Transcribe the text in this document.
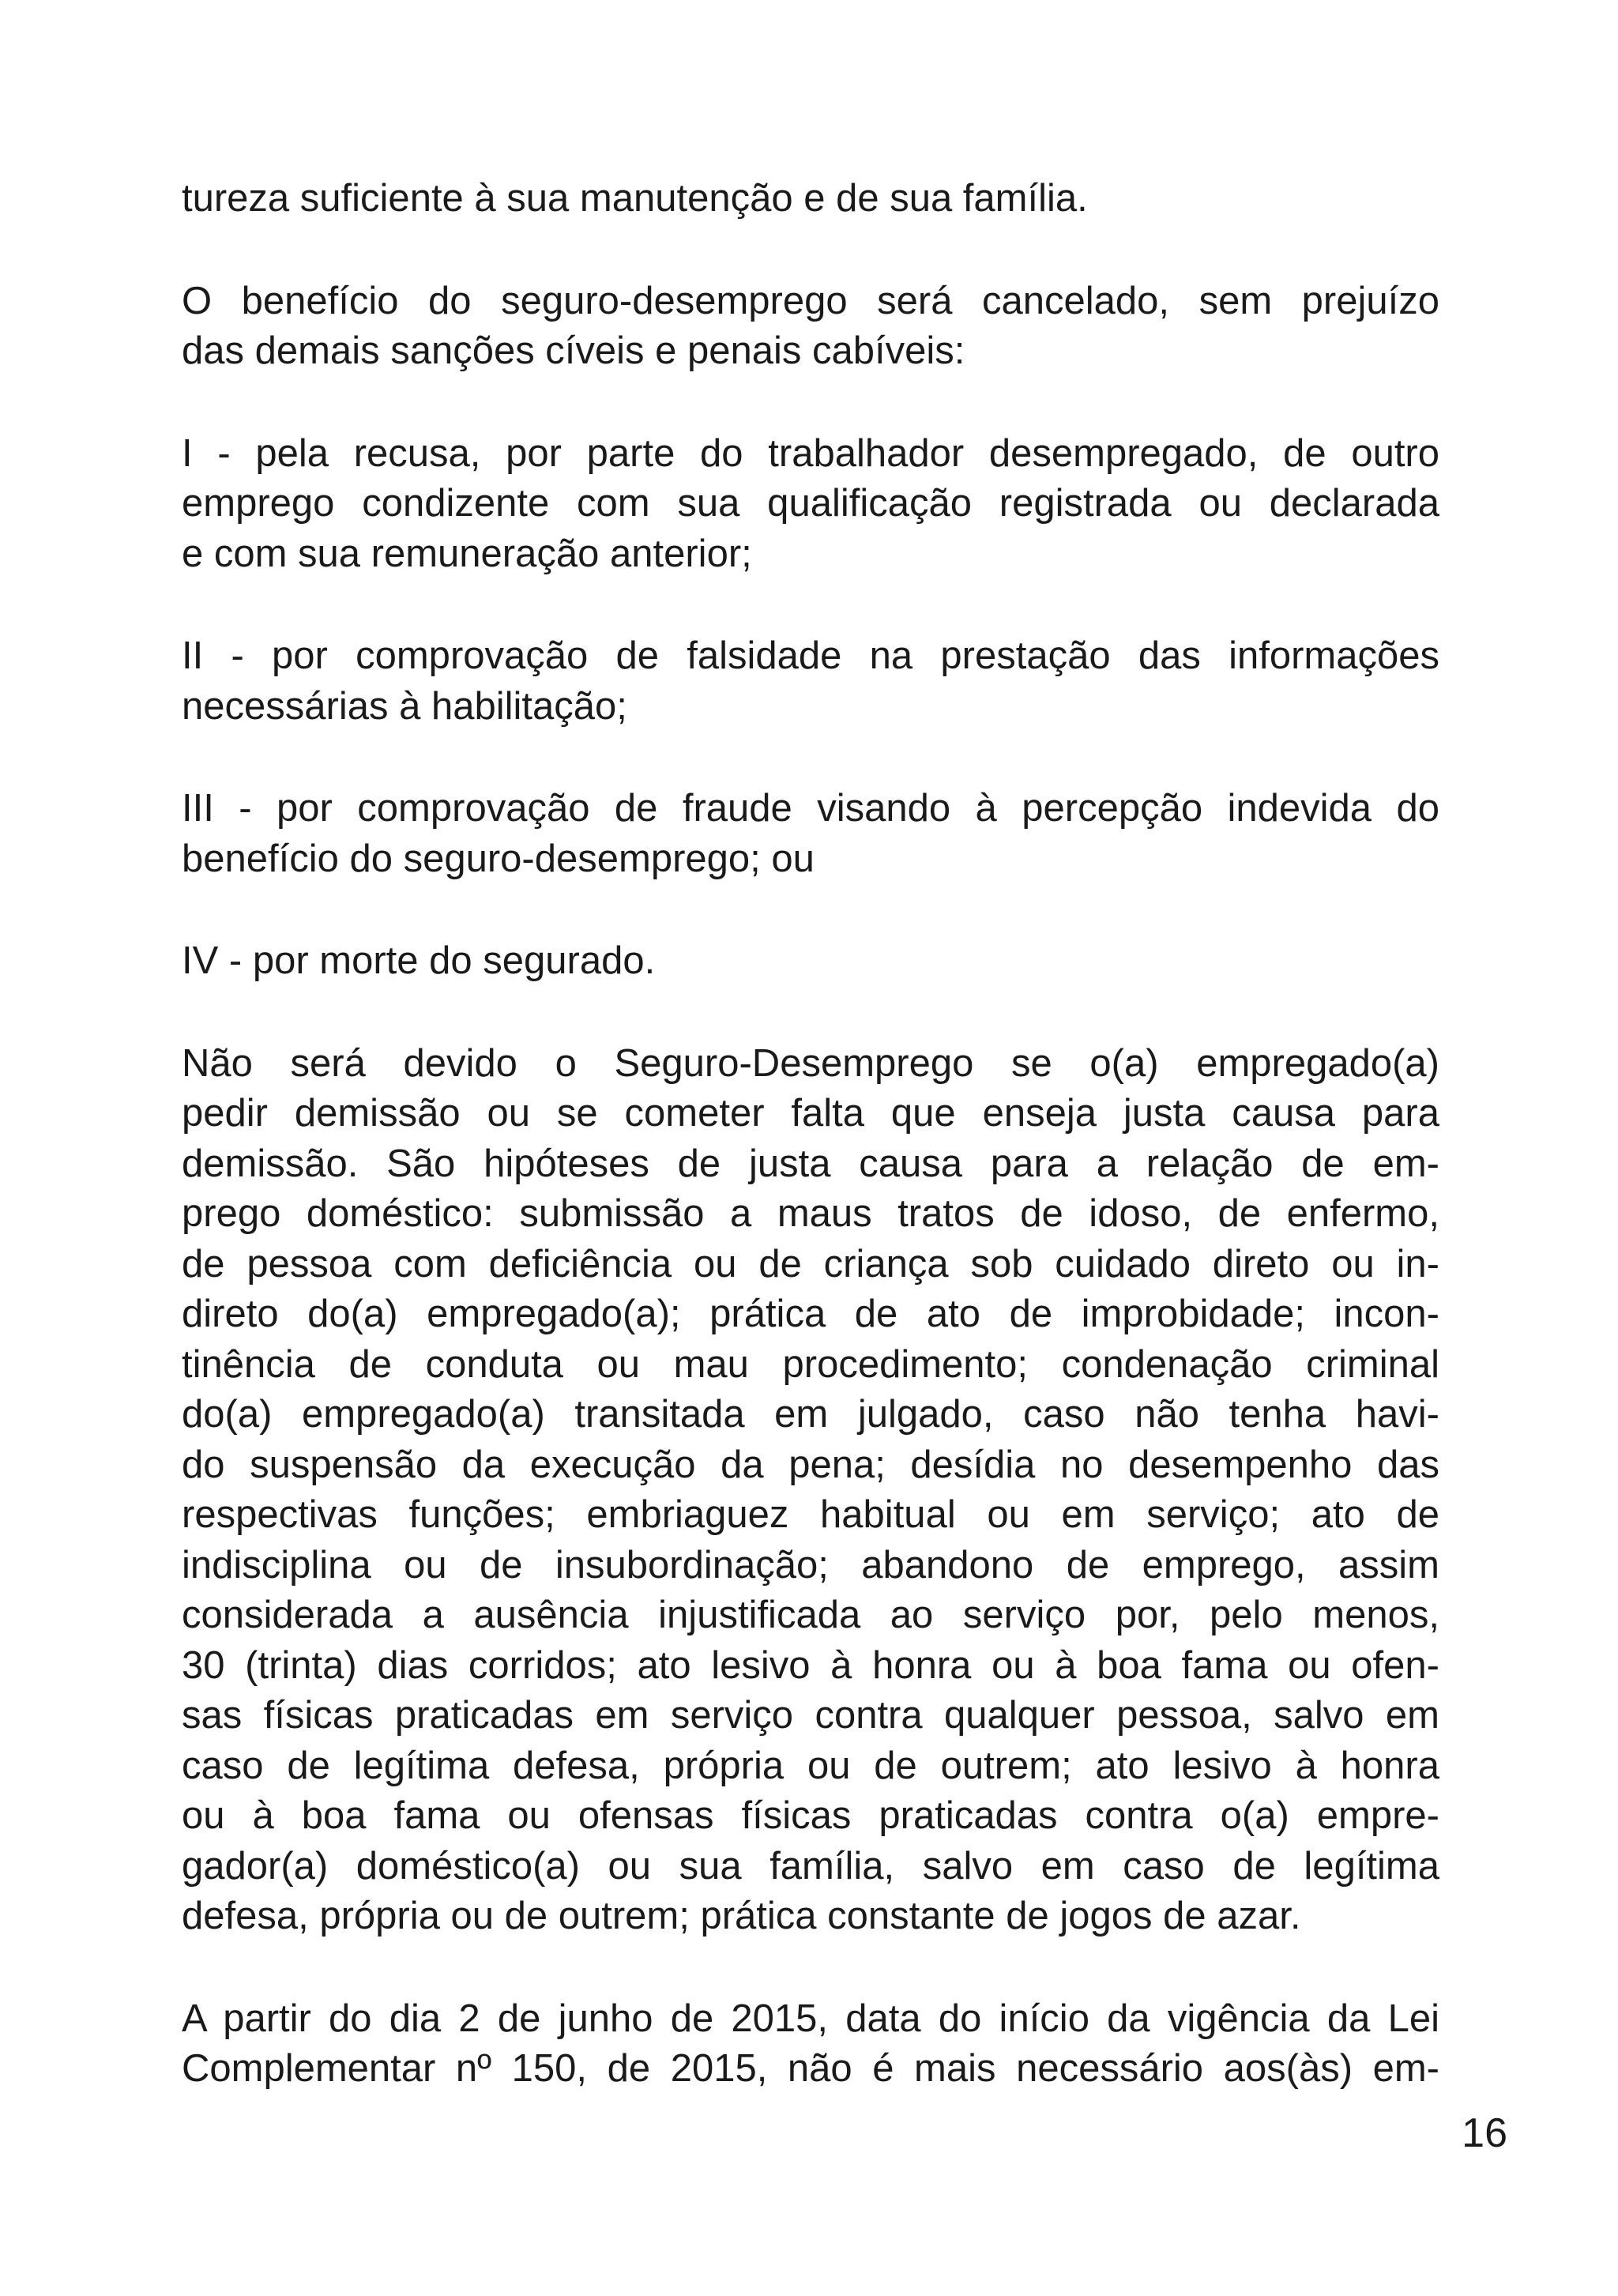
tureza suficiente à sua manutenção e de sua família.

O benefício do seguro-desemprego será cancelado, sem prejuízo
das demais sanções cíveis e penais cabíveis:

I - pela recusa, por parte do trabalhador desempregado, de outro
emprego condizente com sua qualificação registrada ou declarada
e com sua remuneração anterior;

II - por comprovação de falsidade na prestação das informações
necessárias à habilitação;

III - por comprovação de fraude visando à percepção indevida do
benefício do seguro-desemprego; ou

IV - por morte do segurado.

Não será devido o Seguro-Desemprego se o(a) empregado(a)
pedir demissão ou se cometer falta que enseja justa causa para
demissão. São hipóteses de justa causa para a relação de em-
prego doméstico: submissão a maus tratos de idoso, de enfermo,
de pessoa com deficiência ou de criança sob cuidado direto ou in-
direto do(a) empregado(a); prática de ato de improbidade; incon-
tinência de conduta ou mau procedimento; condenação criminal
do(a) empregado(a) transitada em julgado, caso não tenha havi-
do suspensão da execução da pena; desídia no desempenho das
respectivas funções; embriaguez habitual ou em serviço; ato de
indisciplina ou de insubordinação; abandono de emprego, assim
considerada a ausência injustificada ao serviço por, pelo menos,
30 (trinta) dias corridos; ato lesivo à honra ou à boa fama ou ofen-
sas físicas praticadas em serviço contra qualquer pessoa, salvo em
caso de legítima defesa, própria ou de outrem; ato lesivo à honra
ou à boa fama ou ofensas físicas praticadas contra o(a) empre-
gador(a) doméstico(a) ou sua família, salvo em caso de legítima
defesa, própria ou de outrem; prática constante de jogos de azar.

A partir do dia 2 de junho de 2015, data do início da vigência da Lei
Complementar nº 150, de 2015, não é mais necessário aos(às) em-

16
